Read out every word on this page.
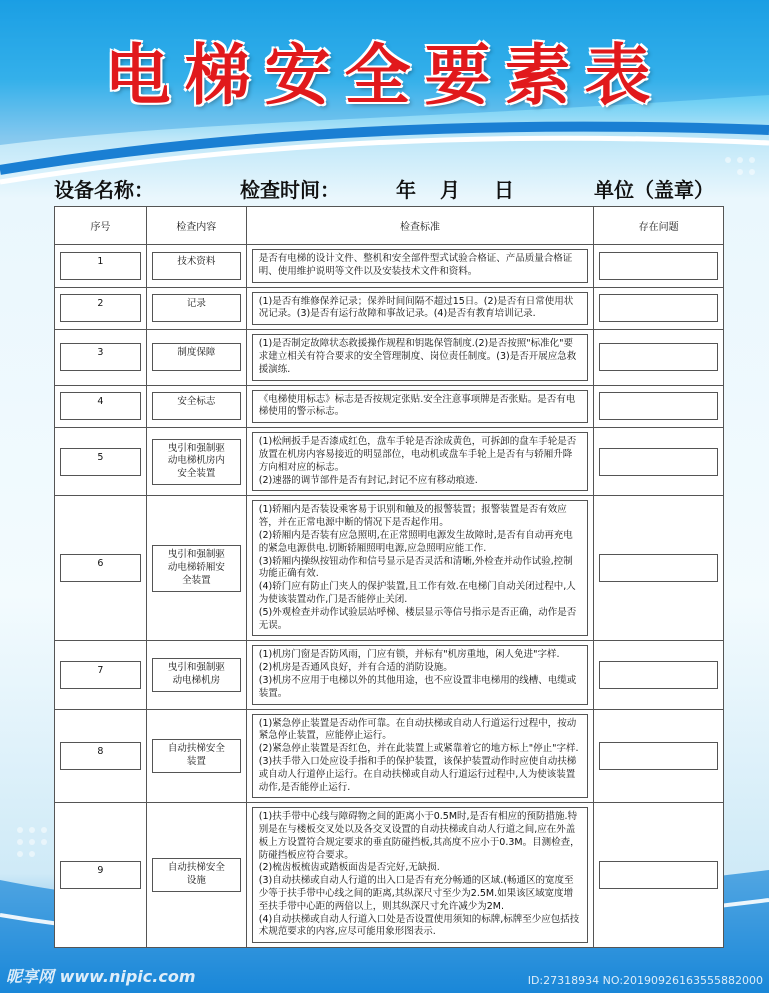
电梯安全要素表
设备名称：	检查时间：	年 月 日	单位（盖章）
序号	检查内容	检查标准	存在问题

1	技术资料	是否有电梯的设计文件、整机和安全部件型式试验合格证、产品质量合格证明、使用维护说明等文件以及安装技术文件和资料。	

2	记录	(1)是否有维修保养记录；保养时间间隔不超过15日。(2)是否有日常使用状况记录。(3)是否有运行故障和事故记录。(4)是否有教育培训记录.	

3	制度保障	(1)是否制定故障状态救援操作规程和钥匙保管制度.(2)是否按照"标准化"要求建立相关有符合要求的安全管理制度、岗位责任制度。(3)是否开展应急救援演练.	

4	安全标志	《电梯使用标志》标志是否按规定张贴.安全注意事项牌是否张贴。是否有电梯使用的警示标志。	

5	曳引和强制驱动电梯机房内安全装置	(1)松闸扳手是否漆成红色，盘车手轮是否涂成黄色，可拆卸的盘车手轮是否放置在机房内容易接近的明显部位，电动机或盘车手轮上是否有与轿厢升降方向相对应的标志。
(2)速器的调节部件是否有封记,封记不应有移动痕迹.	

6	曳引和强制驱动电梯轿厢安全装置	(1)轿厢内是否装设乘客易于识别和触及的报警装置；报警装置是否有效应答，并在正常电源中断的情况下是否起作用。
(2)轿厢内是否装有应急照明,在正常照明电源发生故障时,是否有自动再充电的紧急电源供电.切断轿厢照明电源,应急照明应能工作.
(3)轿厢内操纵按钮动作和信号显示是否灵活和清晰,外检查并动作试验,控制功能正确有效.
(4)轿门应有防止门夹人的保护装置,且工作有效.在电梯门自动关闭过程中,人为使该装置动作,门是否能停止关闭.
(5)外观检查并动作试验层站呼梯、楼层显示等信号指示是否正确，动作是否无误。	

7	曳引和强制驱动电梯机房	(1)机房门窗是否防风雨，门应有锁，并标有"机房重地，闲人免进"字样.
(2)机房是否通风良好，并有合适的消防设施。
(3)机房不应用于电梯以外的其他用途，也不应设置非电梯用的线槽、电缆或装置。	

8	自动扶梯安全装置	(1)紧急停止装置是否动作可靠。在自动扶梯或自动人行道运行过程中，按动紧急停止装置，应能停止运行。
(2)紧急停止装置是否红色，并在此装置上或紧靠着它的地方标上"停止"字样.
(3)扶手带入口处应设手指和手的保护装置，该保护装置动作时应使自动扶梯或自动人行道停止运行。在自动扶梯或自动人行道运行过程中,人为使该装置动作,是否能停止运行.	

9	自动扶梯安全设施	(1)扶手带中心线与障碍物之间的距离小于0.5M时,是否有相应的预防措施.特别是在与楼板交叉处以及各交叉设置的自动扶梯或自动人行道之间,应在外盖板上方设置符合规定要求的垂直防碰挡板,其高度不应小于0.3M。目测检查，防碰挡板应符合要求。
(2)梳齿板梳齿或踏板面齿是否完好,无缺损.
(3)自动扶梯或自动人行道的出入口是否有充分畅通的区域.(畅通区的宽度至少等于扶手带中心线之间的距离,其纵深尺寸至少为2.5M.如果该区域宽度增至扶手带中心距的两倍以上，则其纵深尺寸允许减少为2M.
(4)自动扶梯或自动人行道入口处是否设置使用须知的标牌,标牌至少应包括技术规范要求的内容,应尽可能用象形图表示.	

昵享网 www.nipic.com	ID:27318934 NO:20190926163555882000
